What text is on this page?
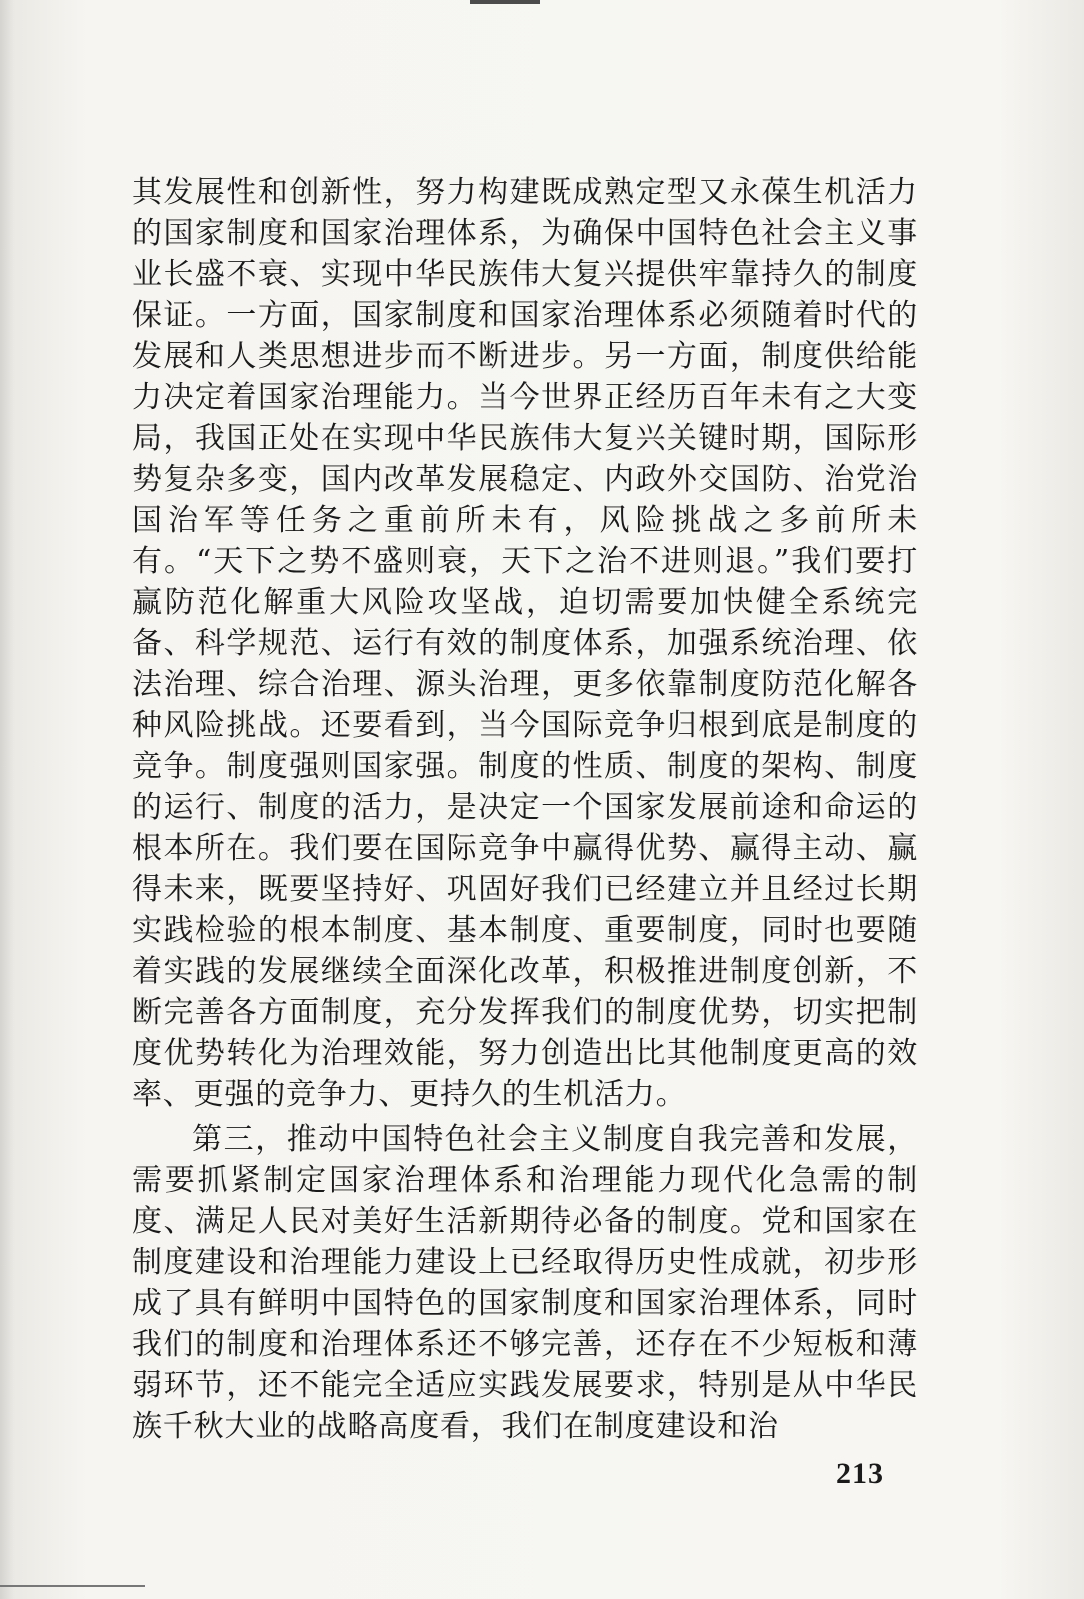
其发展性和创新性，努力构建既成熟定型又永葆生机活力的国家制度和国家治理体系，为确保中国特色社会主义事业长盛不衰、实现中华民族伟大复兴提供牢靠持久的制度保证。一方面，国家制度和国家治理体系必须随着时代的发展和人类思想进步而不断进步。另一方面，制度供给能力决定着国家治理能力。当今世界正经历百年未有之大变局，我国正处在实现中华民族伟大复兴关键时期，国际形势复杂多变，国内改革发展稳定、内政外交国防、治党治国治军等任务之重前所未有，风险挑战之多前所未有。“天下之势不盛则衰，天下之治不进则退。”我们要打赢防范化解重大风险攻坚战，迫切需要加快健全系统完备、科学规范、运行有效的制度体系，加强系统治理、依法治理、综合治理、源头治理，更多依靠制度防范化解各种风险挑战。还要看到，当今国际竞争归根到底是制度的竞争。制度强则国家强。制度的性质、制度的架构、制度的运行、制度的活力，是决定一个国家发展前途和命运的根本所在。我们要在国际竞争中赢得优势、赢得主动、赢得未来，既要坚持好、巩固好我们已经建立并且经过长期实践检验的根本制度、基本制度、重要制度，同时也要随着实践的发展继续全面深化改革，积极推进制度创新，不断完善各方面制度，充分发挥我们的制度优势，切实把制度优势转化为治理效能，努力创造出比其他制度更高的效率、更强的竞争力、更持久的生机活力。

第三，推动中国特色社会主义制度自我完善和发展，需要抓紧制定国家治理体系和治理能力现代化急需的制度、满足人民对美好生活新期待必备的制度。党和国家在制度建设和治理能力建设上已经取得历史性成就，初步形成了具有鲜明中国特色的国家制度和国家治理体系，同时我们的制度和治理体系还不够完善，还存在不少短板和薄弱环节，还不能完全适应实践发展要求，特别是从中华民族千秋大业的战略高度看，我们在制度建设和治

213
